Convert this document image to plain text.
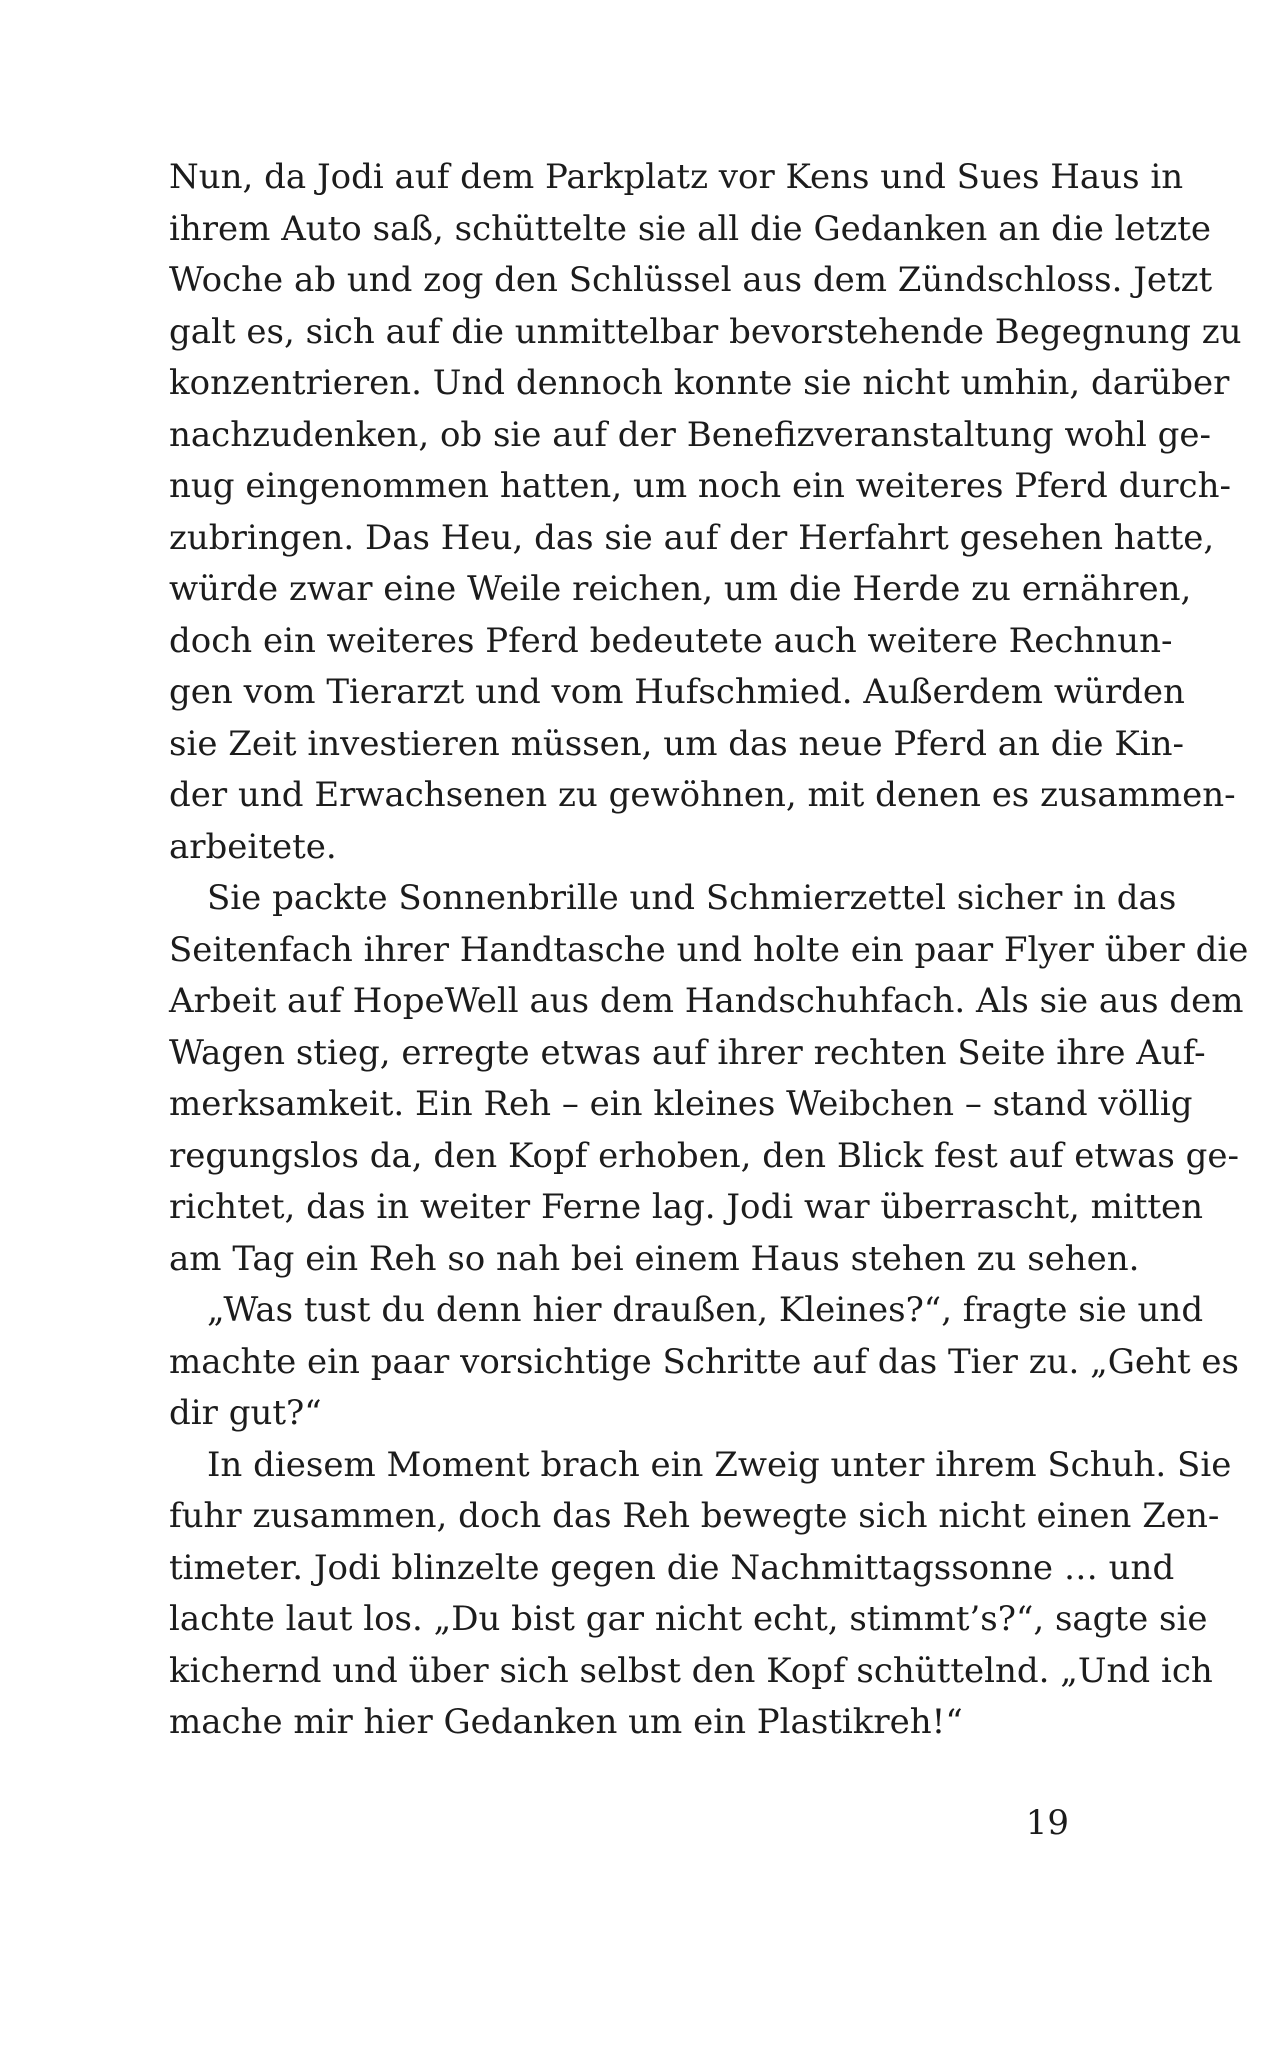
Nun, da Jodi auf dem Parkplatz vor Kens und Sues Haus in
ihrem Auto saß, schüttelte sie all die Gedanken an die letzte
Woche ab und zog den Schlüssel aus dem Zündschloss. Jetzt
galt es, sich auf die unmittelbar bevorstehende Begegnung zu
konzentrieren. Und dennoch konnte sie nicht umhin, darüber
nachzudenken, ob sie auf der Benefizveranstaltung wohl ge-
nug eingenommen hatten, um noch ein weiteres Pferd durch-
zubringen. Das Heu, das sie auf der Herfahrt gesehen hatte,
würde zwar eine Weile reichen, um die Herde zu ernähren,
doch ein weiteres Pferd bedeutete auch weitere Rechnun-
gen vom Tierarzt und vom Hufschmied. Außerdem würden
sie Zeit investieren müssen, um das neue Pferd an die Kin-
der und Erwachsenen zu gewöhnen, mit denen es zusammen-
arbeitete.
Sie packte Sonnenbrille und Schmierzettel sicher in das
Seitenfach ihrer Handtasche und holte ein paar Flyer über die
Arbeit auf HopeWell aus dem Handschuhfach. Als sie aus dem
Wagen stieg, erregte etwas auf ihrer rechten Seite ihre Auf-
merksamkeit. Ein Reh – ein kleines Weibchen – stand völlig
regungslos da, den Kopf erhoben, den Blick fest auf etwas ge-
richtet, das in weiter Ferne lag. Jodi war überrascht, mitten
am Tag ein Reh so nah bei einem Haus stehen zu sehen.
„Was tust du denn hier draußen, Kleines?“, fragte sie und
machte ein paar vorsichtige Schritte auf das Tier zu. „Geht es
dir gut?“
In diesem Moment brach ein Zweig unter ihrem Schuh. Sie
fuhr zusammen, doch das Reh bewegte sich nicht einen Zen-
timeter. Jodi blinzelte gegen die Nachmittagssonne … und
lachte laut los. „Du bist gar nicht echt, stimmt’s?“, sagte sie
kichernd und über sich selbst den Kopf schüttelnd. „Und ich
mache mir hier Gedanken um ein Plastikreh!“
19
